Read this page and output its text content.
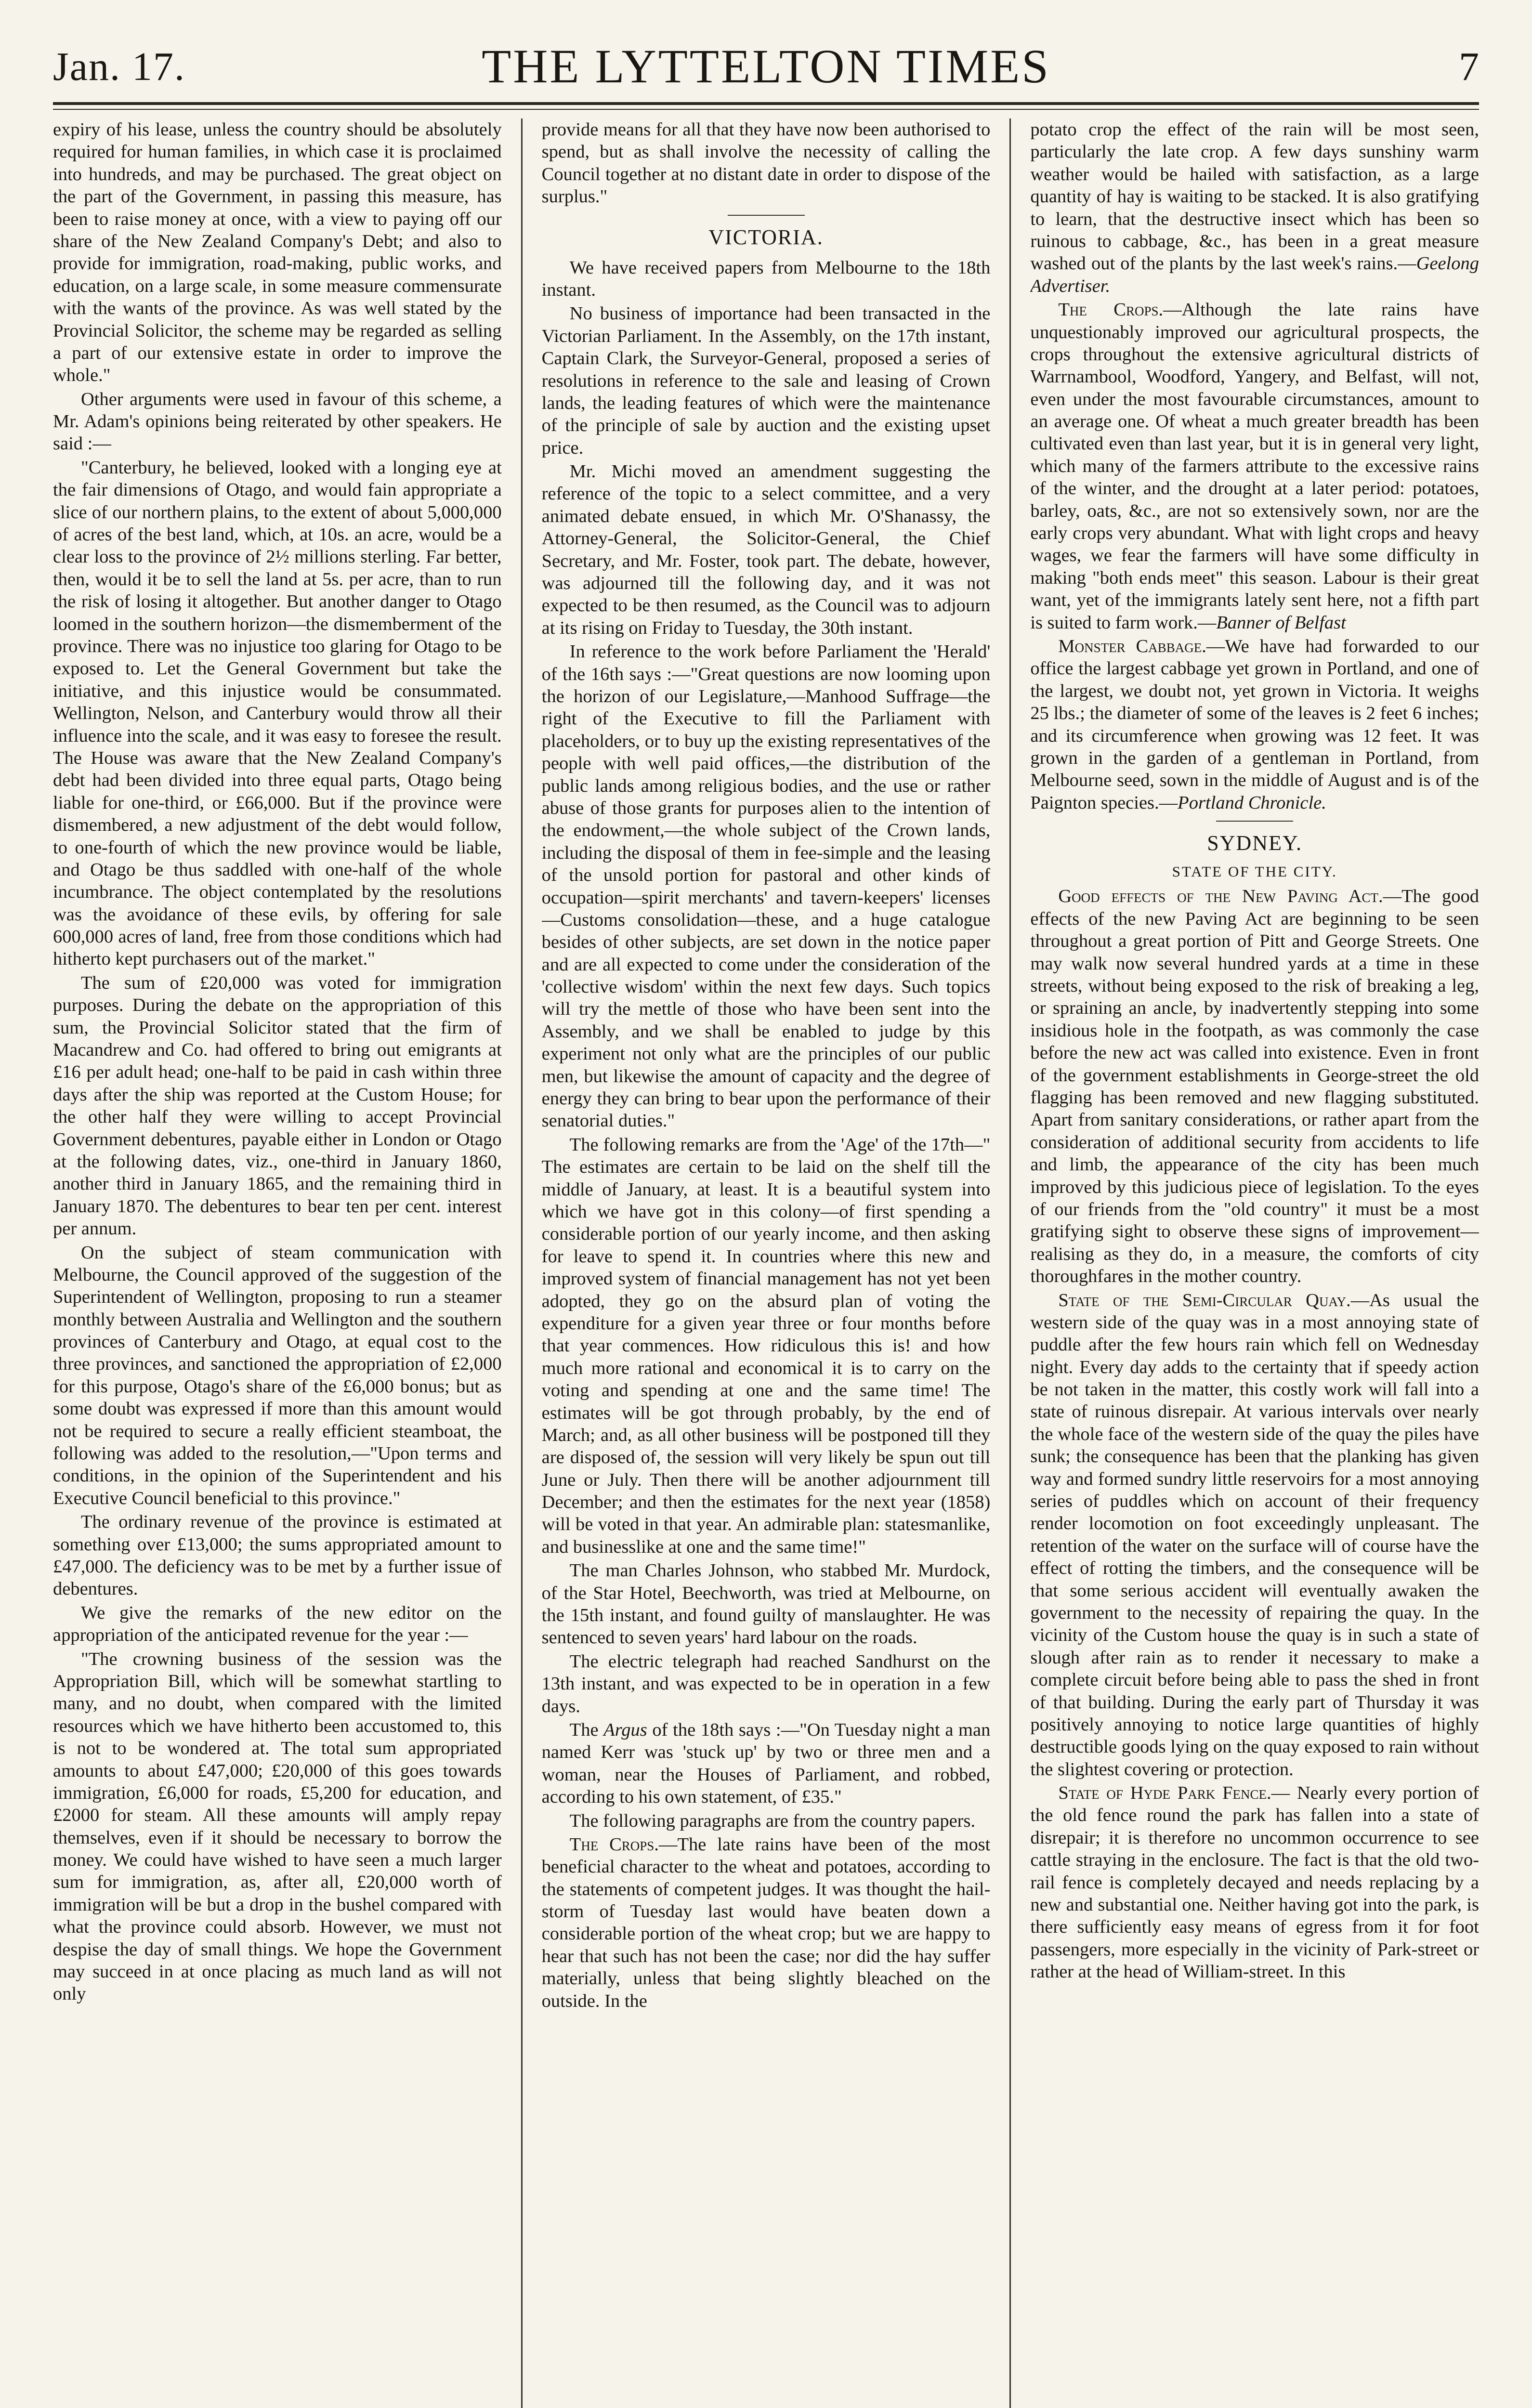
Jan. 17.	THE LYTTELTON TIMES	7

expiry of his lease, unless the country should be absolutely required for human families, in which case it is proclaimed into hundreds, and may be purchased. The great object on the part of the Government, in passing this measure, has been to raise money at once, with a view to paying off our share of the New Zealand Company's Debt; and also to provide for immigration, road-making, public works, and education, on a large scale, in some measure commensurate with the wants of the province. As was well stated by the Provincial Solicitor, the scheme may be regarded as selling a part of our extensive estate in order to improve the whole."

Other arguments were used in favour of this scheme, a Mr. Adam's opinions being reiterated by other speakers. He said :—

"Canterbury, he believed, looked with a longing eye at the fair dimensions of Otago, and would fain appropriate a slice of our northern plains, to the extent of about 5,000,000 of acres of the best land, which, at 10s. an acre, would be a clear loss to the province of 2½ millions sterling. Far better, then, would it be to sell the land at 5s. per acre, than to run the risk of losing it altogether. But another danger to Otago loomed in the southern horizon—the dismemberment of the province. There was no injustice too glaring for Otago to be exposed to. Let the General Government but take the initiative, and this injustice would be consummated. Wellington, Nelson, and Canterbury would throw all their influence into the scale, and it was easy to foresee the result. The House was aware that the New Zealand Company's debt had been divided into three equal parts, Otago being liable for one-third, or £66,000. But if the province were dismembered, a new adjustment of the debt would follow, to one-fourth of which the new province would be liable, and Otago be thus saddled with one-half of the whole incumbrance. The object contemplated by the resolutions was the avoidance of these evils, by offering for sale 600,000 acres of land, free from those conditions which had hitherto kept purchasers out of the market."

The sum of £20,000 was voted for immigration purposes. During the debate on the appropriation of this sum, the Provincial Solicitor stated that the firm of Macandrew and Co. had offered to bring out emigrants at £16 per adult head; one-half to be paid in cash within three days after the ship was reported at the Custom House; for the other half they were willing to accept Provincial Government debentures, payable either in London or Otago at the following dates, viz., one-third in January 1860, another third in January 1865, and the remaining third in January 1870. The debentures to bear ten per cent. interest per annum.

On the subject of steam communication with Melbourne, the Council approved of the suggestion of the Superintendent of Wellington, proposing to run a steamer monthly between Australia and Wellington and the southern provinces of Canterbury and Otago, at equal cost to the three provinces, and sanctioned the appropriation of £2,000 for this purpose, Otago's share of the £6,000 bonus; but as some doubt was expressed if more than this amount would not be required to secure a really efficient steamboat, the following was added to the resolution,—"Upon terms and conditions, in the opinion of the Superintendent and his Executive Council beneficial to this province."

The ordinary revenue of the province is estimated at something over £13,000; the sums appropriated amount to £47,000. The deficiency was to be met by a further issue of debentures.

We give the remarks of the new editor on the appropriation of the anticipated revenue for the year :—

"The crowning business of the session was the Appropriation Bill, which will be somewhat startling to many, and no doubt, when compared with the limited resources which we have hitherto been accustomed to, this is not to be wondered at. The total sum appropriated amounts to about £47,000; £20,000 of this goes towards immigration, £6,000 for roads, £5,200 for education, and £2000 for steam. All these amounts will amply repay themselves, even if it should be necessary to borrow the money. We could have wished to have seen a much larger sum for immigration, as, after all, £20,000 worth of immigration will be but a drop in the bushel compared with what the province could absorb. However, we must not despise the day of small things. We hope the Government may succeed in at once placing as much land as will not only

provide means for all that they have now been authorised to spend, but as shall involve the necessity of calling the Council together at no distant date in order to dispose of the surplus."

VICTORIA.

We have received papers from Melbourne to the 18th instant.

No business of importance had been transacted in the Victorian Parliament. In the Assembly, on the 17th instant, Captain Clark, the Surveyor-General, proposed a series of resolutions in reference to the sale and leasing of Crown lands, the leading features of which were the maintenance of the principle of sale by auction and the existing upset price.

Mr. Michi moved an amendment suggesting the reference of the topic to a select committee, and a very animated debate ensued, in which Mr. O'Shanassy, the Attorney-General, the Solicitor-General, the Chief Secretary, and Mr. Foster, took part. The debate, however, was adjourned till the following day, and it was not expected to be then resumed, as the Council was to adjourn at its rising on Friday to Tuesday, the 30th instant.

In reference to the work before Parliament the 'Herald' of the 16th says :—"Great questions are now looming upon the horizon of our Legislature,—Manhood Suffrage—the right of the Executive to fill the Parliament with placeholders, or to buy up the existing representatives of the people with well paid offices,—the distribution of the public lands among religious bodies, and the use or rather abuse of those grants for purposes alien to the intention of the endowment,—the whole subject of the Crown lands, including the disposal of them in fee-simple and the leasing of the unsold portion for pastoral and other kinds of occupation—spirit merchants' and tavern-keepers' licenses—Customs consolidation—these, and a huge catalogue besides of other subjects, are set down in the notice paper and are all expected to come under the consideration of the 'collective wisdom' within the next few days. Such topics will try the mettle of those who have been sent into the Assembly, and we shall be enabled to judge by this experiment not only what are the principles of our public men, but likewise the amount of capacity and the degree of energy they can bring to bear upon the performance of their senatorial duties."

The following remarks are from the 'Age' of the 17th—" The estimates are certain to be laid on the shelf till the middle of January, at least. It is a beautiful system into which we have got in this colony—of first spending a considerable portion of our yearly income, and then asking for leave to spend it. In countries where this new and improved system of financial management has not yet been adopted, they go on the absurd plan of voting the expenditure for a given year three or four months before that year commences. How ridiculous this is! and how much more rational and economical it is to carry on the voting and spending at one and the same time! The estimates will be got through probably, by the end of March; and, as all other business will be postponed till they are disposed of, the session will very likely be spun out till June or July. Then there will be another adjournment till December; and then the estimates for the next year (1858) will be voted in that year. An admirable plan: statesmanlike, and businesslike at one and the same time!"

The man Charles Johnson, who stabbed Mr. Murdock, of the Star Hotel, Beechworth, was tried at Melbourne, on the 15th instant, and found guilty of manslaughter. He was sentenced to seven years' hard labour on the roads.

The electric telegraph had reached Sandhurst on the 13th instant, and was expected to be in operation in a few days.

The Argus of the 18th says :—"On Tuesday night a man named Kerr was 'stuck up' by two or three men and a woman, near the Houses of Parliament, and robbed, according to his own statement, of £35."

The following paragraphs are from the country papers.

The Crops.—The late rains have been of the most beneficial character to the wheat and potatoes, according to the statements of competent judges. It was thought the hail-storm of Tuesday last would have beaten down a considerable portion of the wheat crop; but we are happy to hear that such has not been the case; nor did the hay suffer materially, unless that being slightly bleached on the outside. In the

potato crop the effect of the rain will be most seen, particularly the late crop. A few days sunshiny warm weather would be hailed with satisfaction, as a large quantity of hay is waiting to be stacked. It is also gratifying to learn, that the destructive insect which has been so ruinous to cabbage, &c., has been in a great measure washed out of the plants by the last week's rains.—Geelong Advertiser.

The Crops.—Although the late rains have unquestionably improved our agricultural prospects, the crops throughout the extensive agricultural districts of Warrnambool, Woodford, Yangery, and Belfast, will not, even under the most favourable circumstances, amount to an average one. Of wheat a much greater breadth has been cultivated even than last year, but it is in general very light, which many of the farmers attribute to the excessive rains of the winter, and the drought at a later period: potatoes, barley, oats, &c., are not so extensively sown, nor are the early crops very abundant. What with light crops and heavy wages, we fear the farmers will have some difficulty in making "both ends meet" this season. Labour is their great want, yet of the immigrants lately sent here, not a fifth part is suited to farm work.—Banner of Belfast

Monster Cabbage.—We have had forwarded to our office the largest cabbage yet grown in Portland, and one of the largest, we doubt not, yet grown in Victoria. It weighs 25 lbs.; the diameter of some of the leaves is 2 feet 6 inches; and its circumference when growing was 12 feet. It was grown in the garden of a gentleman in Portland, from Melbourne seed, sown in the middle of August and is of the Paignton species.—Portland Chronicle.

SYDNEY.
STATE OF THE CITY.

Good effects of the New Paving Act.—The good effects of the new Paving Act are beginning to be seen throughout a great portion of Pitt and George Streets. One may walk now several hundred yards at a time in these streets, without being exposed to the risk of breaking a leg, or spraining an ancle, by inadvertently stepping into some insidious hole in the footpath, as was commonly the case before the new act was called into existence. Even in front of the government establishments in George-street the old flagging has been removed and new flagging substituted. Apart from sanitary considerations, or rather apart from the consideration of additional security from accidents to life and limb, the appearance of the city has been much improved by this judicious piece of legislation. To the eyes of our friends from the "old country" it must be a most gratifying sight to observe these signs of improvement—realising as they do, in a measure, the comforts of city thoroughfares in the mother country.

State of the Semi-Circular Quay.—As usual the western side of the quay was in a most annoying state of puddle after the few hours rain which fell on Wednesday night. Every day adds to the certainty that if speedy action be not taken in the matter, this costly work will fall into a state of ruinous disrepair. At various intervals over nearly the whole face of the western side of the quay the piles have sunk; the consequence has been that the planking has given way and formed sundry little reservoirs for a most annoying series of puddles which on account of their frequency render locomotion on foot exceedingly unpleasant. The retention of the water on the surface will of course have the effect of rotting the timbers, and the consequence will be that some serious accident will eventually awaken the government to the necessity of repairing the quay. In the vicinity of the Custom house the quay is in such a state of slough after rain as to render it necessary to make a complete circuit before being able to pass the shed in front of that building. During the early part of Thursday it was positively annoying to notice large quantities of highly destructible goods lying on the quay exposed to rain without the slightest covering or protection.

State of Hyde Park Fence.— Nearly every portion of the old fence round the park has fallen into a state of disrepair; it is therefore no uncommon occurrence to see cattle straying in the enclosure. The fact is that the old two-rail fence is completely decayed and needs replacing by a new and substantial one. Neither having got into the park, is there sufficiently easy means of egress from it for foot passengers, more especially in the vicinity of Park-street or rather at the head of William-street. In this
